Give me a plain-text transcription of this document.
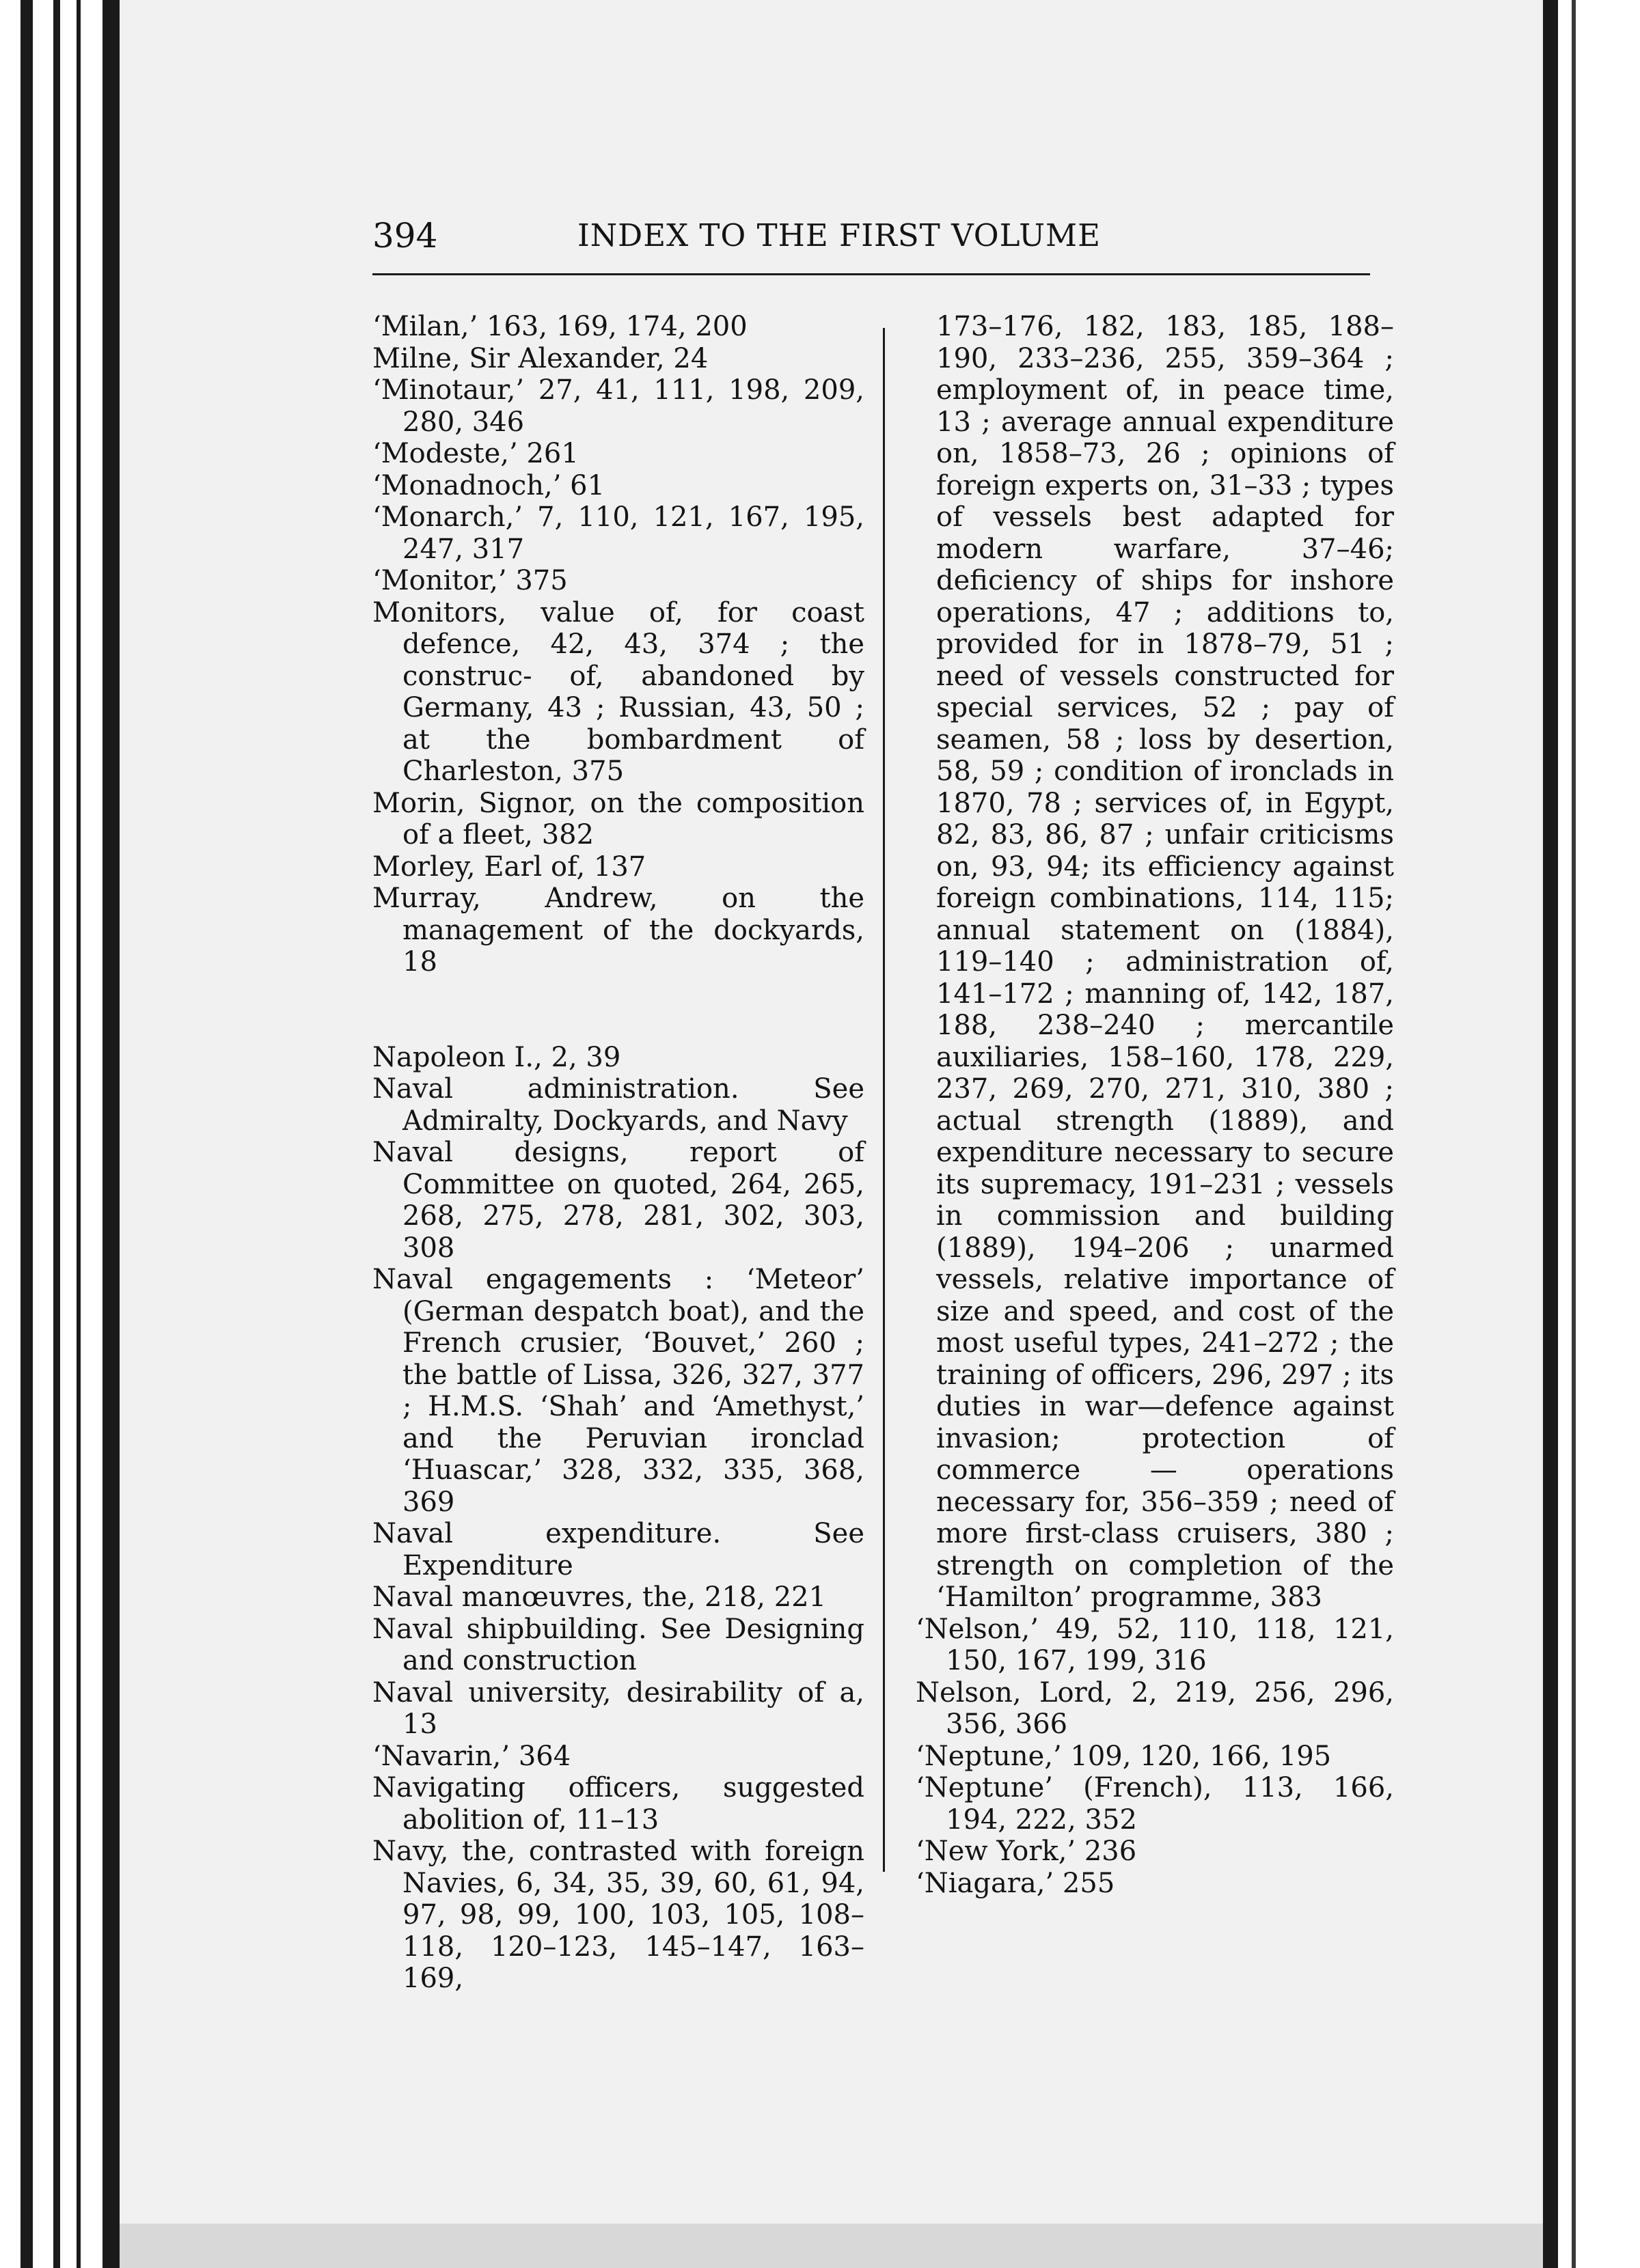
394	INDEX TO THE FIRST VOLUME
‘Milan,’ 163, 169, 174, 200
Milne, Sir Alexander, 24
‘Minotaur,’ 27, 41, 111, 198, 209, 280, 346
‘Modeste,’ 261
‘Monadnoch,’ 61
‘Monarch,’ 7, 110, 121, 167, 195, 247, 317
‘Monitor,’ 375
Monitors, value of, for coast defence, 42, 43, 374 ; the construc- of, abandoned by Germany, 43 ; Russian, 43, 50 ; at the bombardment of Charleston, 375
Morin, Signor, on the composition of a fleet, 382
Morley, Earl of, 137
Murray, Andrew, on the management of the dockyards, 18
Napoleon I., 2, 39
Naval administration. See Admiralty, Dockyards, and Navy
Naval designs, report of Committee on quoted, 264, 265, 268, 275, 278, 281, 302, 303, 308
Naval engagements : ‘Meteor’ (German despatch boat), and the French crusier, ‘Bouvet,’ 260 ; the battle of Lissa, 326, 327, 377 ; H.M.S. ‘Shah’ and ‘Amethyst,’ and the Peruvian ironclad ‘Huascar,’ 328, 332, 335, 368, 369
Naval expenditure. See Expenditure
Naval manœuvres, the, 218, 221
Naval shipbuilding. See Designing and construction
Naval university, desirability of a, 13
‘Navarin,’ 364
Navigating officers, suggested abolition of, 11–13
Navy, the, contrasted with foreign Navies, 6, 34, 35, 39, 60, 61, 94, 97, 98, 99, 100, 103, 105, 108–118, 120–123, 145–147, 163–169,
173–176, 182, 183, 185, 188–190, 233–236, 255, 359–364 ; employment of, in peace time, 13 ; average annual expenditure on, 1858–73, 26 ; opinions of foreign experts on, 31–33 ; types of vessels best adapted for modern warfare, 37–46; deficiency of ships for inshore operations, 47 ; additions to, provided for in 1878–79, 51 ; need of vessels constructed for special services, 52 ; pay of seamen, 58 ; loss by desertion, 58, 59 ; condition of ironclads in 1870, 78 ; services of, in Egypt, 82, 83, 86, 87 ; unfair criticisms on, 93, 94; its efficiency against foreign combinations, 114, 115; annual statement on (1884), 119–140 ; administration of, 141–172 ; manning of, 142, 187, 188, 238–240 ; mercantile auxiliaries, 158–160, 178, 229, 237, 269, 270, 271, 310, 380 ; actual strength (1889), and expenditure necessary to secure its supremacy, 191–231 ; vessels in commission and building (1889), 194–206 ; unarmed vessels, relative importance of size and speed, and cost of the most useful types, 241–272 ; the training of officers, 296, 297 ; its duties in war—defence against invasion; protection of commerce — operations necessary for, 356–359 ; need of more first-class cruisers, 380 ; strength on completion of the ‘Hamilton’ programme, 383
‘Nelson,’ 49, 52, 110, 118, 121, 150, 167, 199, 316
Nelson, Lord, 2, 219, 256, 296, 356, 366
‘Neptune,’ 109, 120, 166, 195
‘Neptune’ (French), 113, 166, 194, 222, 352
‘New York,’ 236
‘Niagara,’ 255
